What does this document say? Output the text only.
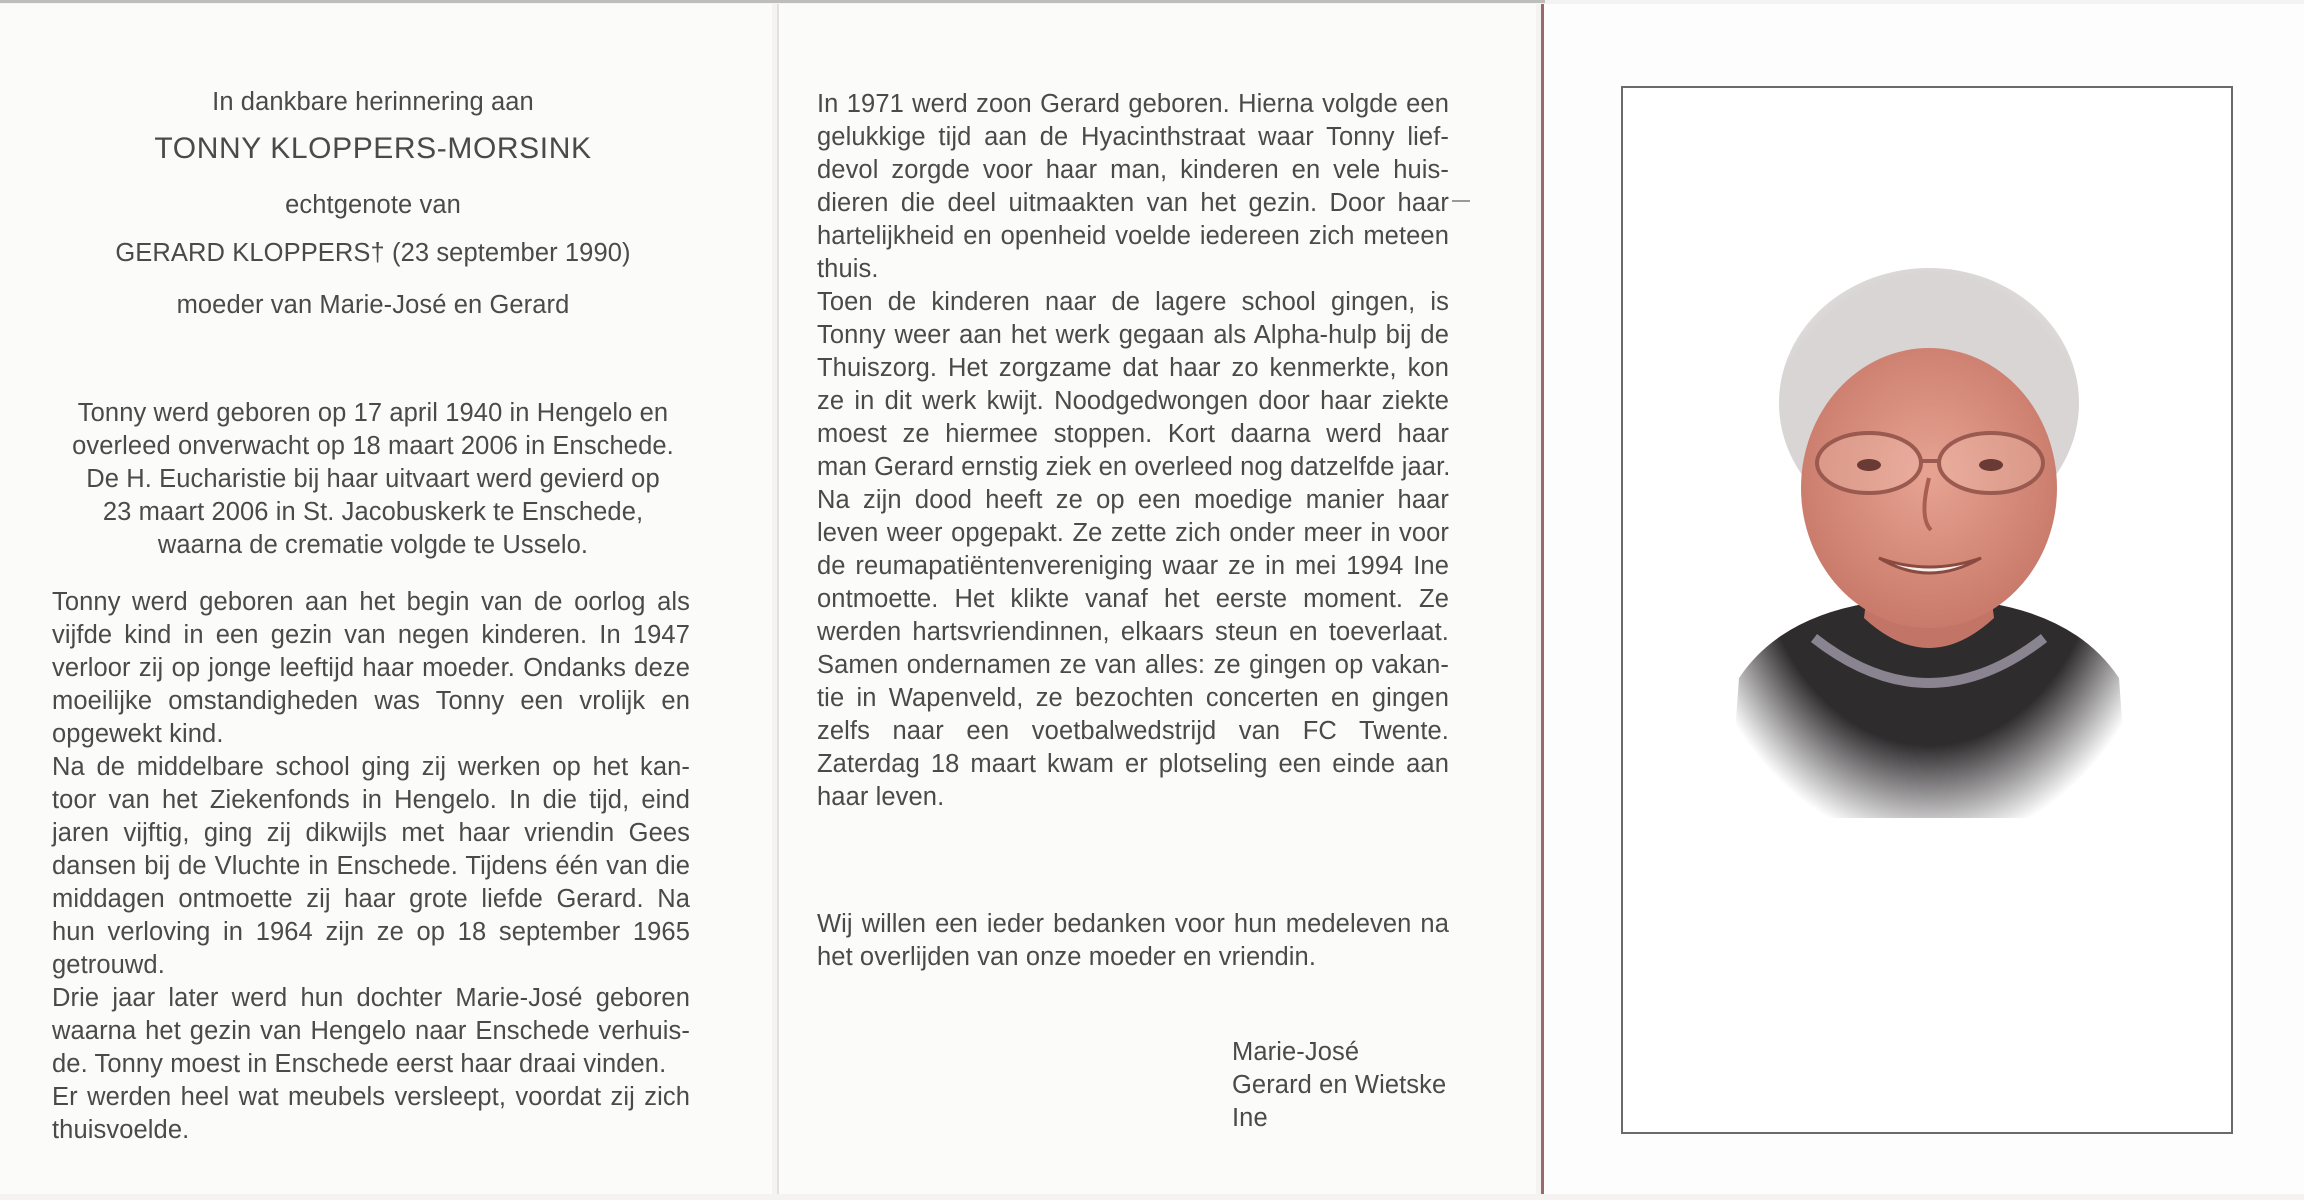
In dankbare herinnering aan

TONNY KLOPPERS-MORSINK

echtgenote van

GERARD KLOPPERS† (23 september 1990)

moeder van Marie-José en Gerard

Tonny werd geboren op 17 april 1940 in Hengelo en
overleed onverwacht op 18 maart 2006 in Enschede.
De H. Eucharistie bij haar uitvaart werd gevierd op
23 maart 2006 in St. Jacobuskerk te Enschede,
waarna de crematie volgde te Usselo.
Tonny werd geboren aan het begin van de oorlog als
vijfde kind in een gezin van negen kinderen. In 1947
verloor zij op jonge leeftijd haar moeder. Ondanks deze
moeilijke omstandigheden was Tonny een vrolijk en
opgewekt kind.
Na de middelbare school ging zij werken op het kan-
toor van het Ziekenfonds in Hengelo. In die tijd, eind
jaren vijftig, ging zij dikwijls met haar vriendin Gees
dansen bij de Vluchte in Enschede. Tijdens één van die
middagen ontmoette zij haar grote liefde Gerard. Na
hun verloving in 1964 zijn ze op 18 september 1965
getrouwd.
Drie jaar later werd hun dochter Marie-José geboren
waarna het gezin van Hengelo naar Enschede verhuis-
de. Tonny moest in Enschede eerst haar draai vinden.
Er werden heel wat meubels versleept, voordat zij zich
thuisvoelde.
In 1971 werd zoon Gerard geboren. Hierna volgde een
gelukkige tijd aan de Hyacinthstraat waar Tonny lief-
devol zorgde voor haar man, kinderen en vele huis-
dieren die deel uitmaakten van het gezin. Door haar
hartelijkheid en openheid voelde iedereen zich meteen
thuis.
Toen de kinderen naar de lagere school gingen, is
Tonny weer aan het werk gegaan als Alpha-hulp bij de
Thuiszorg. Het zorgzame dat haar zo kenmerkte, kon
ze in dit werk kwijt. Noodgedwongen door haar ziekte
moest ze hiermee stoppen. Kort daarna werd haar
man Gerard ernstig ziek en overleed nog datzelfde jaar.
Na zijn dood heeft ze op een moedige manier haar
leven weer opgepakt. Ze zette zich onder meer in voor
de reumapatiëntenvereniging waar ze in mei 1994 Ine
ontmoette. Het klikte vanaf het eerste moment. Ze
werden hartsvriendinnen, elkaars steun en toeverlaat.
Samen ondernamen ze van alles: ze gingen op vakan-
tie in Wapenveld, ze bezochten concerten en gingen
zelfs naar een voetbalwedstrijd van FC Twente.
Zaterdag 18 maart kwam er plotseling een einde aan
haar leven.
Wij willen een ieder bedanken voor hun medeleven na
het overlijden van onze moeder en vriendin.
Marie-José
Gerard en Wietske
Ine
